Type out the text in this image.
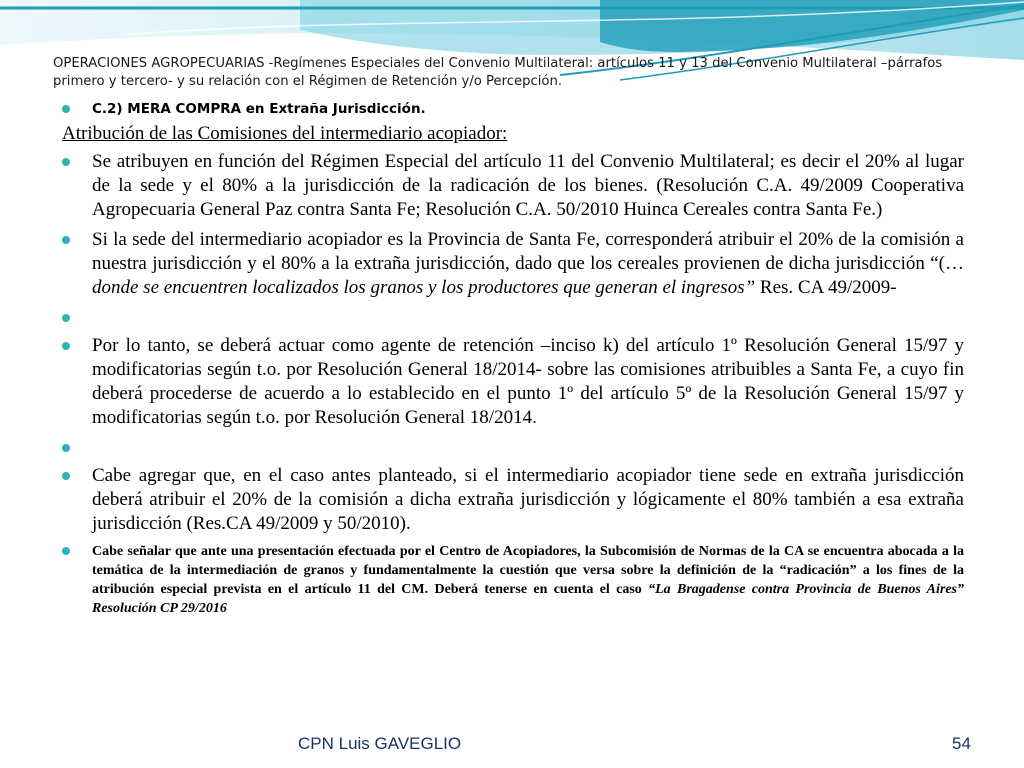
OPERACIONES AGROPECUARIAS -Regímenes Especiales del Convenio Multilateral: artículos 11 y 13 del Convenio Multilateral –párrafos primero y tercero- y su relación con el Régimen de Retención y/o Percepción.

C.2) MERA COMPRA en Extraña Jurisdicción.
Atribución de las Comisiones del intermediario acopiador:
Se atribuyen en función del Régimen Especial del artículo 11 del Convenio Multilateral; es decir el 20% al lugar de la sede y el 80% a la jurisdicción de la radicación de los bienes. (Resolución C.A. 49/2009 Cooperativa Agropecuaria General Paz contra Santa Fe; Resolución C.A. 50/2010 Huinca Cereales contra Santa Fe.)
Si la sede del intermediario acopiador es la Provincia de Santa Fe, corresponderá atribuir el 20% de la comisión a nuestra jurisdicción y el 80% a la extraña jurisdicción, dado que los cereales provienen de dicha jurisdicción “(…donde se encuentren localizados los granos y los productores que generan el ingresos” Res. CA 49/2009-
Por lo tanto, se deberá actuar como agente de retención –inciso k) del artículo 1º Resolución General 15/97 y modificatorias según t.o. por Resolución General 18/2014- sobre las comisiones atribuibles a Santa Fe, a cuyo fin deberá procederse de acuerdo a lo establecido en el punto 1º del artículo 5º de la Resolución General 15/97 y modificatorias según t.o. por Resolución General 18/2014.
Cabe agregar que, en el caso antes planteado, si el intermediario acopiador tiene sede en extraña jurisdicción deberá atribuir el 20% de la comisión a dicha extraña jurisdicción y lógicamente el 80% también a esa extraña jurisdicción (Res.CA 49/2009 y 50/2010).
Cabe señalar que ante una presentación efectuada por el Centro de Acopiadores, la Subcomisión de Normas de la CA se encuentra abocada a la temática de la intermediación de granos y fundamentalmente la cuestión que versa sobre la definición de la “radicación” a los fines de la atribución especial prevista en el artículo 11 del CM. Deberá tenerse en cuenta el caso “La Bragadense contra Provincia de Buenos Aires” Resolución CP 29/2016
CPN Luis GAVEGLIO	54
